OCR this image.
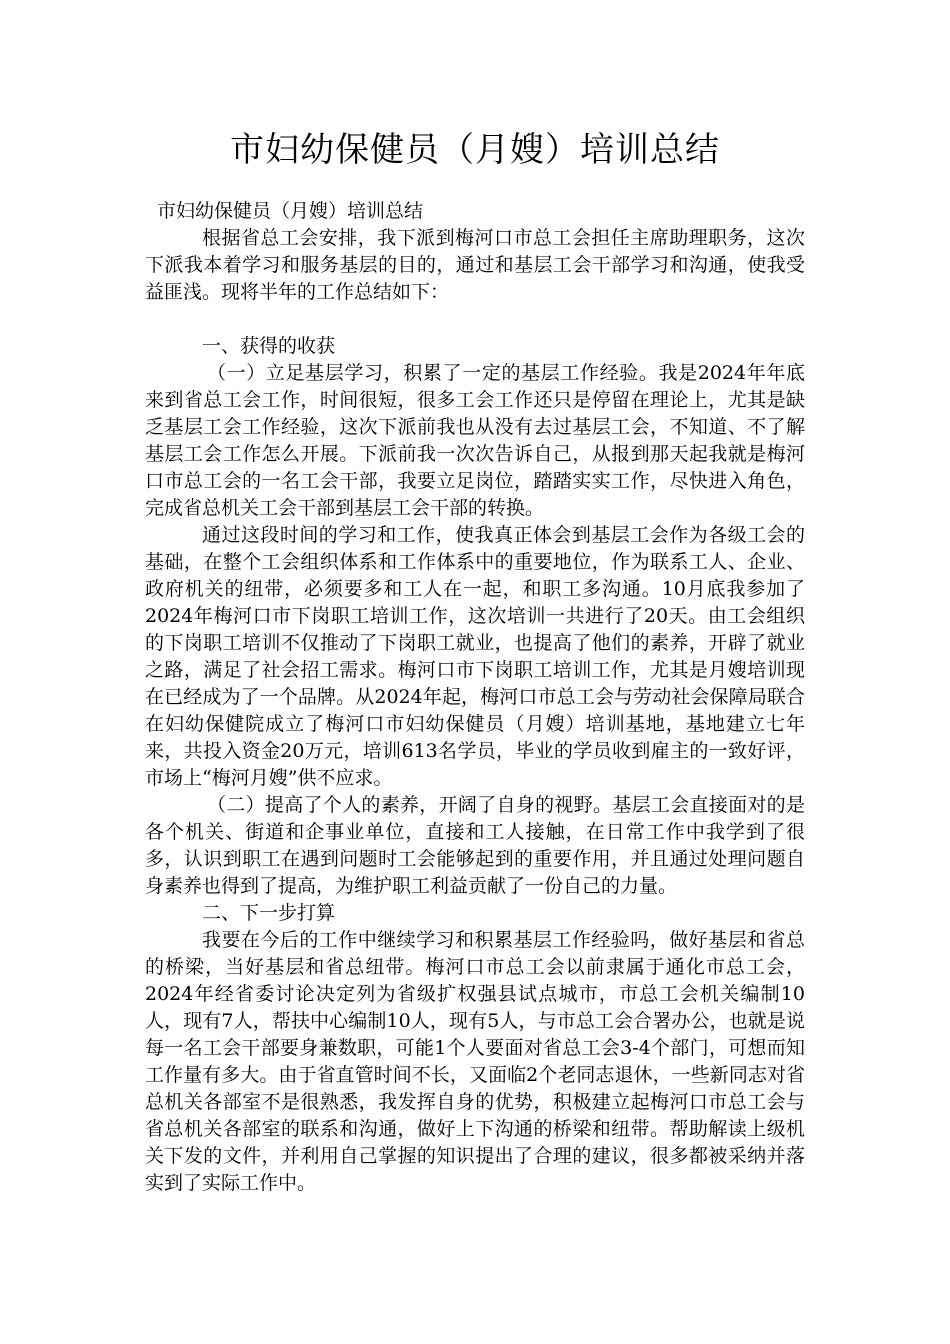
市妇幼保健员（月嫂）培训总结

市妇幼保健员（月嫂）培训总结

根据省总工会安排，我下派到梅河口市总工会担任主席助理职务，这次下派我本着学习和服务基层的目的，通过和基层工会干部学习和沟通，使我受益匪浅。现将半年的工作总结如下：

一、获得的收获

（一）立足基层学习，积累了一定的基层工作经验。我是2024年年底来到省总工会工作，时间很短，很多工会工作还只是停留在理论上，尤其是缺乏基层工会工作经验，这次下派前我也从没有去过基层工会，不知道、不了解基层工会工作怎么开展。下派前我一次次告诉自己，从报到那天起我就是梅河口市总工会的一名工会干部，我要立足岗位，踏踏实实工作，尽快进入角色，完成省总机关工会干部到基层工会干部的转换。

通过这段时间的学习和工作，使我真正体会到基层工会作为各级工会的基础，在整个工会组织体系和工作体系中的重要地位，作为联系工人、企业、政府机关的纽带，必须要多和工人在一起，和职工多沟通。10月底我参加了2024年梅河口市下岗职工培训工作，这次培训一共进行了20天。由工会组织的下岗职工培训不仅推动了下岗职工就业，也提高了他们的素养，开辟了就业之路，满足了社会招工需求。梅河口市下岗职工培训工作，尤其是月嫂培训现在已经成为了一个品牌。从2024年起，梅河口市总工会与劳动社会保障局联合在妇幼保健院成立了梅河口市妇幼保健员（月嫂）培训基地，基地建立七年来，共投入资金20万元，培训613名学员，毕业的学员收到雇主的一致好评，市场上“梅河月嫂”供不应求。

（二）提高了个人的素养，开阔了自身的视野。基层工会直接面对的是各个机关、街道和企事业单位，直接和工人接触，在日常工作中我学到了很多，认识到职工在遇到问题时工会能够起到的重要作用，并且通过处理问题自身素养也得到了提高，为维护职工利益贡献了一份自己的力量。

二、下一步打算

我要在今后的工作中继续学习和积累基层工作经验吗，做好基层和省总的桥梁，当好基层和省总纽带。梅河口市总工会以前隶属于通化市总工会，2024年经省委讨论决定列为省级扩权强县试点城市，市总工会机关编制10人，现有7人，帮扶中心编制10人，现有5人，与市总工会合署办公，也就是说每一名工会干部要身兼数职，可能1个人要面对省总工会3-4个部门，可想而知工作量有多大。由于省直管时间不长，又面临2个老同志退休，一些新同志对省总机关各部室不是很熟悉，我发挥自身的优势，积极建立起梅河口市总工会与省总机关各部室的联系和沟通，做好上下沟通的桥梁和纽带。帮助解读上级机关下发的文件，并利用自己掌握的知识提出了合理的建议，很多都被采纳并落实到了实际工作中。
